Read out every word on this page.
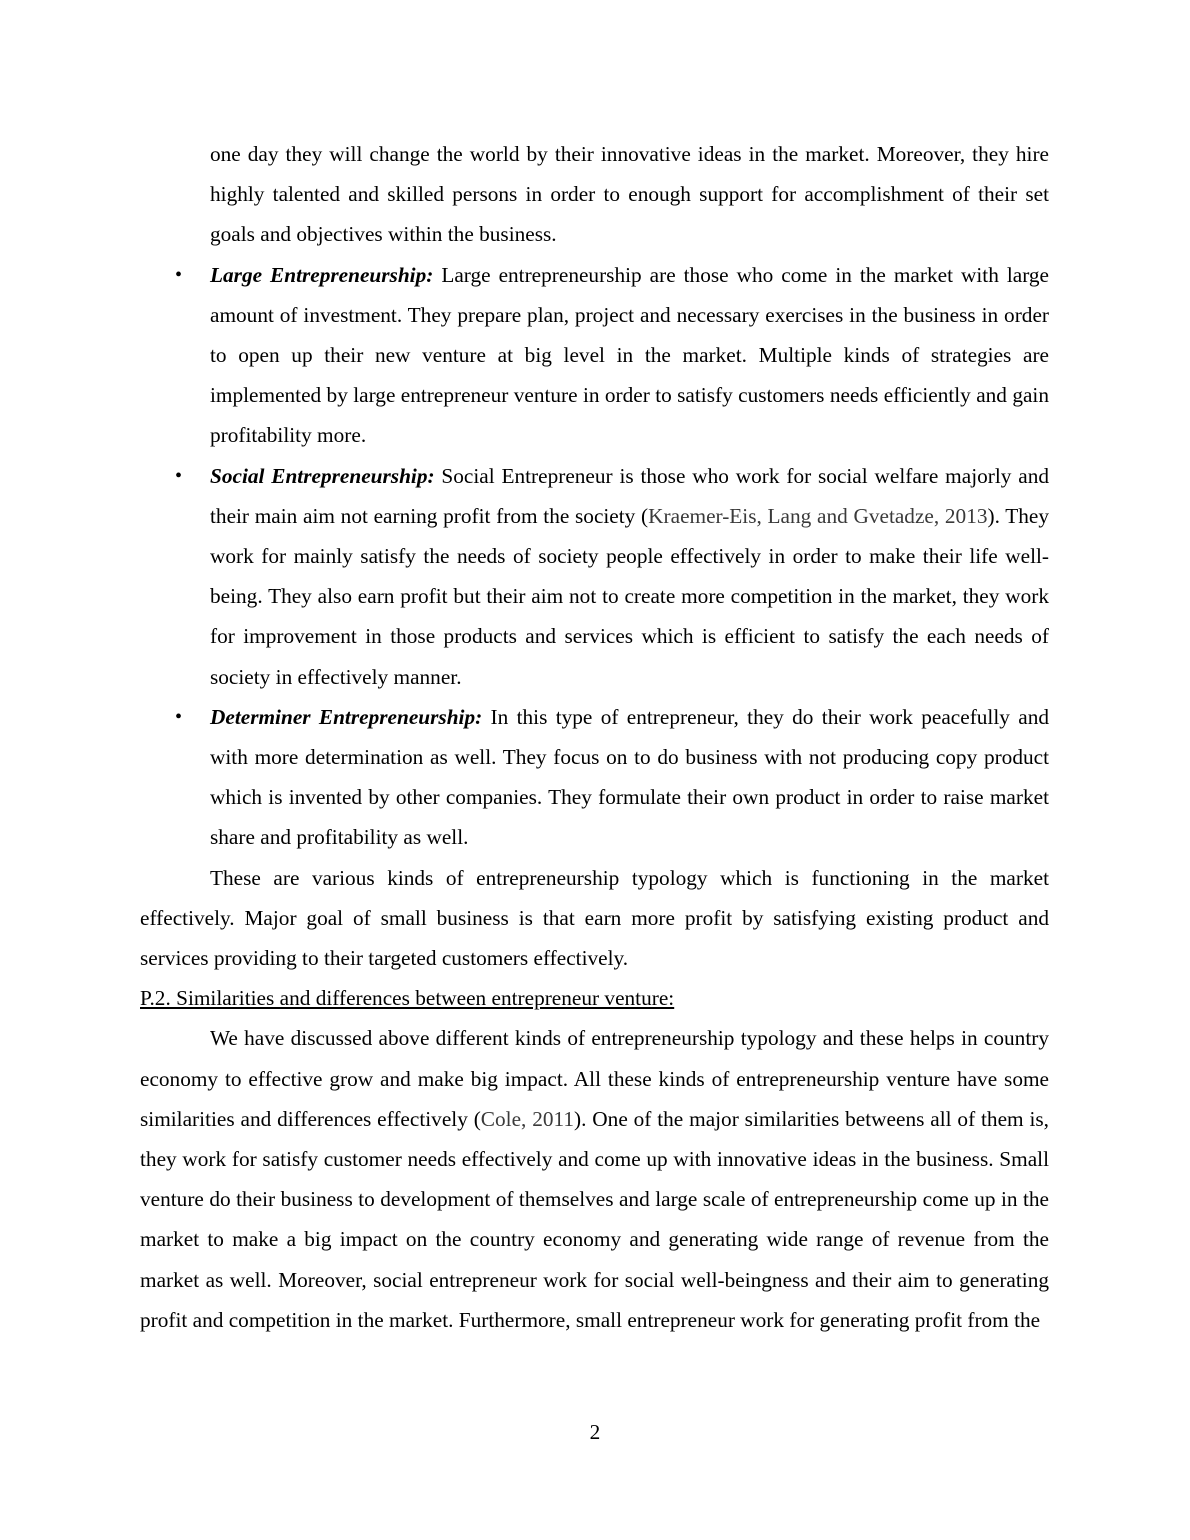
one day they will change the world by their innovative ideas in the market. Moreover, they hire highly talented and skilled persons in order to enough support for accomplishment of their set goals and objectives within the business.

• Large Entrepreneurship: Large entrepreneurship are those who come in the market with large amount of investment. They prepare plan, project and necessary exercises in the business in order to open up their new venture at big level in the market. Multiple kinds of strategies are implemented by large entrepreneur venture in order to satisfy customers needs efficiently and gain profitability more.
• Social Entrepreneurship: Social Entrepreneur is those who work for social welfare majorly and their main aim not earning profit from the society (Kraemer-Eis, Lang and Gvetadze, 2013). They work for mainly satisfy the needs of society people effectively in order to make their life well-being. They also earn profit but their aim not to create more competition in the market, they work for improvement in those products and services which is efficient to satisfy the each needs of society in effectively manner.
• Determiner Entrepreneurship: In this type of entrepreneur, they do their work peacefully and with more determination as well. They focus on to do business with not producing copy product which is invented by other companies. They formulate their own product in order to raise market share and profitability as well.

These are various kinds of entrepreneurship typology which is functioning in the market effectively. Major goal of small business is that earn more profit by satisfying existing product and services providing to their targeted customers effectively.

P.2. Similarities and differences between entrepreneur venture:

We have discussed above different kinds of entrepreneurship typology and these helps in country economy to effective grow and make big impact. All these kinds of entrepreneurship venture have some similarities and differences effectively (Cole, 2011). One of the major similarities betweens all of them is, they work for satisfy customer needs effectively and come up with innovative ideas in the business. Small venture do their business to development of themselves and large scale of entrepreneurship come up in the market to make a big impact on the country economy and generating wide range of revenue from the market as well. Moreover, social entrepreneur work for social well-beingness and their aim to generating profit and competition in the market. Furthermore, small entrepreneur work for generating profit from the

2
